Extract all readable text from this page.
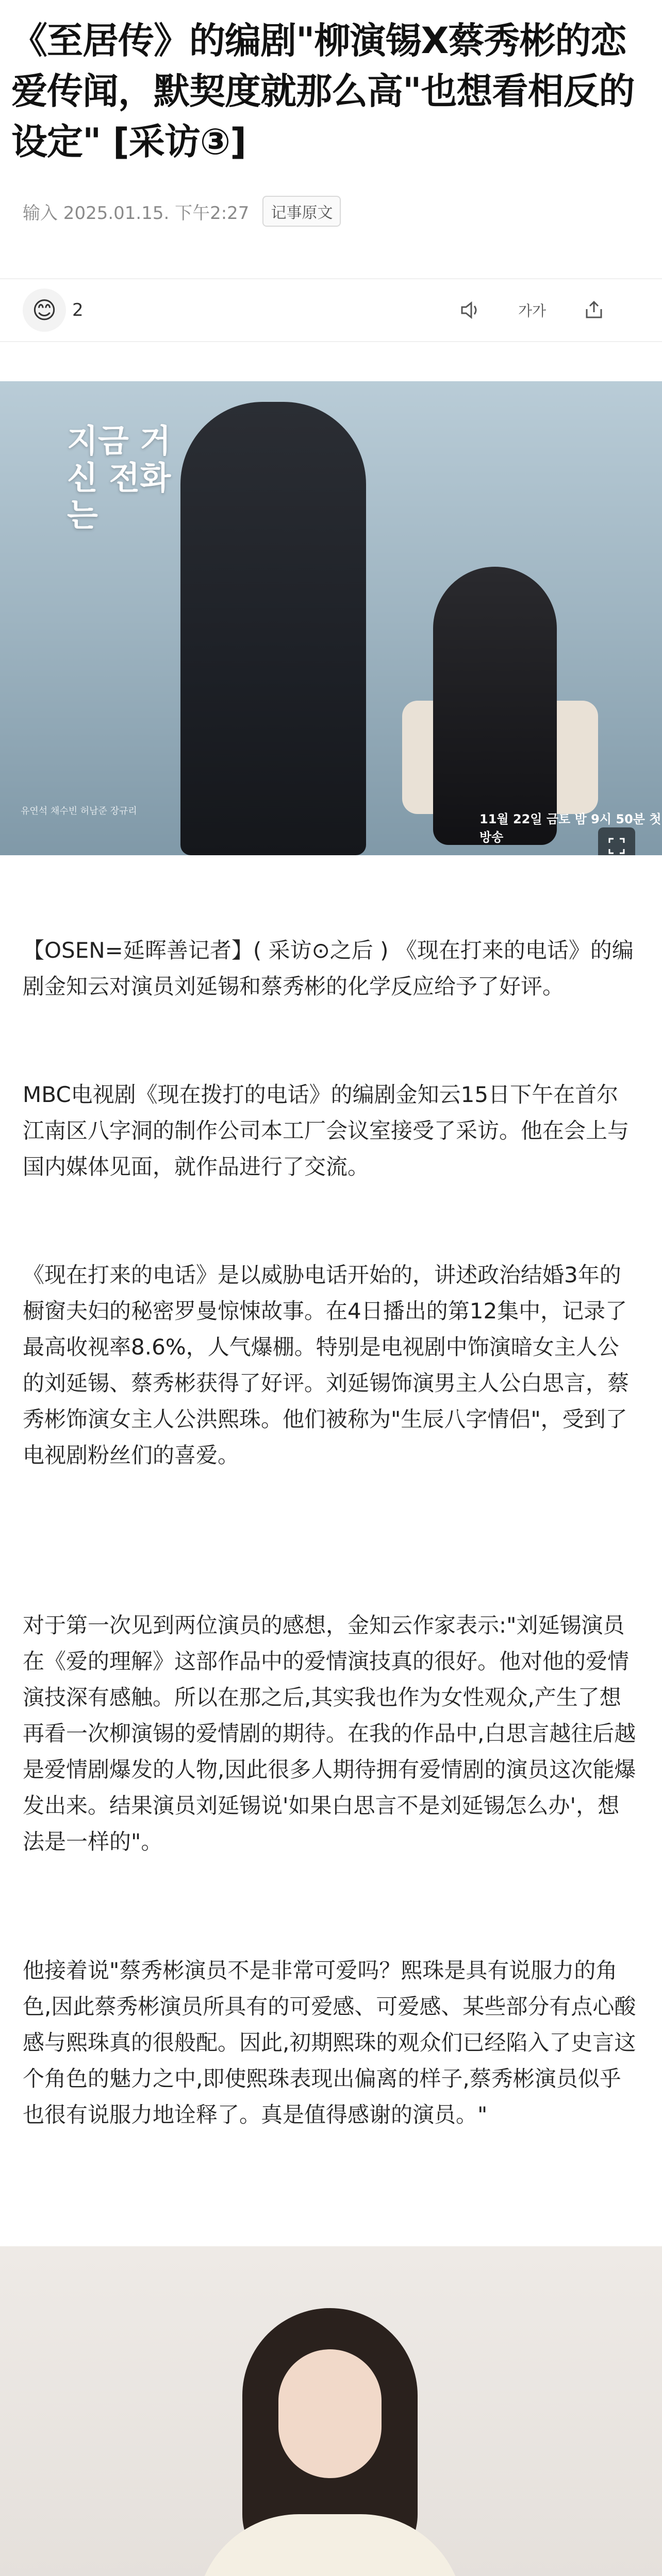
《至居传》的编剧"柳演锡X蔡秀彬的恋爱传闻，默契度就那么高"也想看相反的设定" [采访③]
输入 2025.01.15. 下午2:27	记事原文
😊 2	가가
지금 거신 전화는
유연석 채수빈 허남준 장규리
11월 22일 금토 밤 9시 50분 첫방송

【OSEN=延晖善记者】( 采访⊙之后 ) 《现在打来的电话》的编剧金知云对演员刘延锡和蔡秀彬的化学反应给予了好评。

MBC电视剧《现在拨打的电话》的编剧金知云15日下午在首尔江南区八字洞的制作公司本工厂会议室接受了采访。他在会上与国内媒体见面，就作品进行了交流。

《现在打来的电话》是以威胁电话开始的，讲述政治结婚3年的橱窗夫妇的秘密罗曼惊悚故事。在4日播出的第12集中，记录了最高收视率8.6%，人气爆棚。特别是电视剧中饰演暗女主人公的刘延锡、蔡秀彬获得了好评。刘延锡饰演男主人公白思言，蔡秀彬饰演女主人公洪熙珠。他们被称为"生辰八字情侣"，受到了电视剧粉丝们的喜爱。

对于第一次见到两位演员的感想，金知云作家表示:"刘延锡演员在《爱的理解》这部作品中的爱情演技真的很好。他对他的爱情演技深有感触。所以在那之后,其实我也作为女性观众,产生了想再看一次柳演锡的爱情剧的期待。在我的作品中,白思言越往后越是爱情剧爆发的人物,因此很多人期待拥有爱情剧的演员这次能爆发出来。结果演员刘延锡说'如果白思言不是刘延锡怎么办'，想法是一样的"。

他接着说"蔡秀彬演员不是非常可爱吗？熙珠是具有说服力的角色,因此蔡秀彬演员所具有的可爱感、可爱感、某些部分有点心酸感与熙珠真的很般配。因此,初期熙珠的观众们已经陷入了史言这个角色的魅力之中,即使熙珠表现出偏离的样子,蔡秀彬演员似乎也很有说服力地诠释了。真是值得感谢的演员。"
